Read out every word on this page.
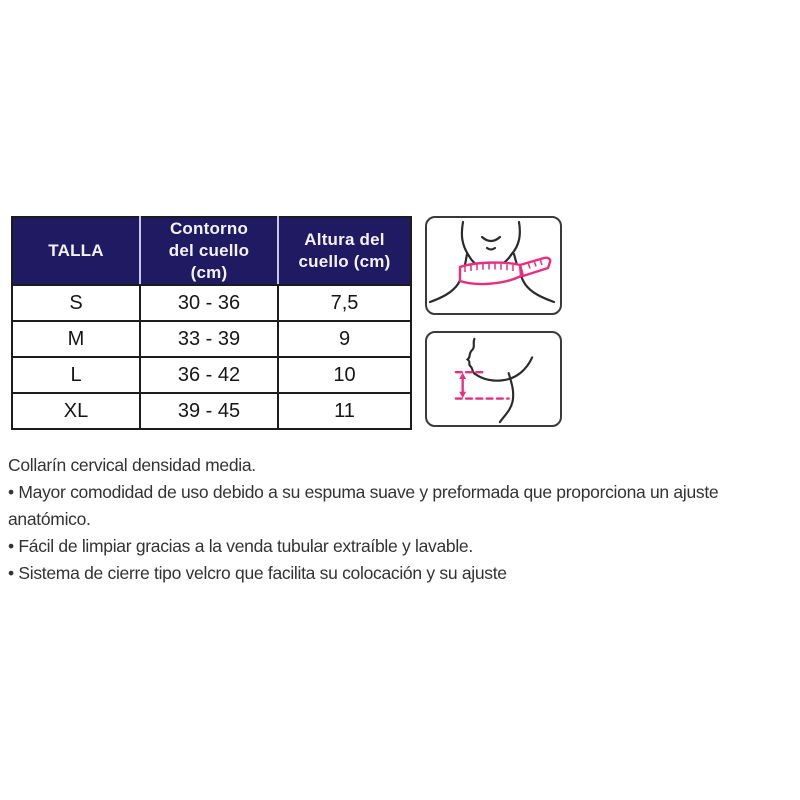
TALLA	Contorno del cuello (cm)	Altura del cuello (cm)
S	30 - 36	7,5
M	33 - 39	9
L	36 - 42	10
XL	39 - 45	11

Collarín cervical densidad media.

• Mayor comodidad de uso debido a su espuma suave y preformada que proporciona un ajuste anatómico.

• Fácil de limpiar gracias a la venda tubular extraíble y lavable.

• Sistema de cierre tipo velcro que facilita su colocación y su ajuste
